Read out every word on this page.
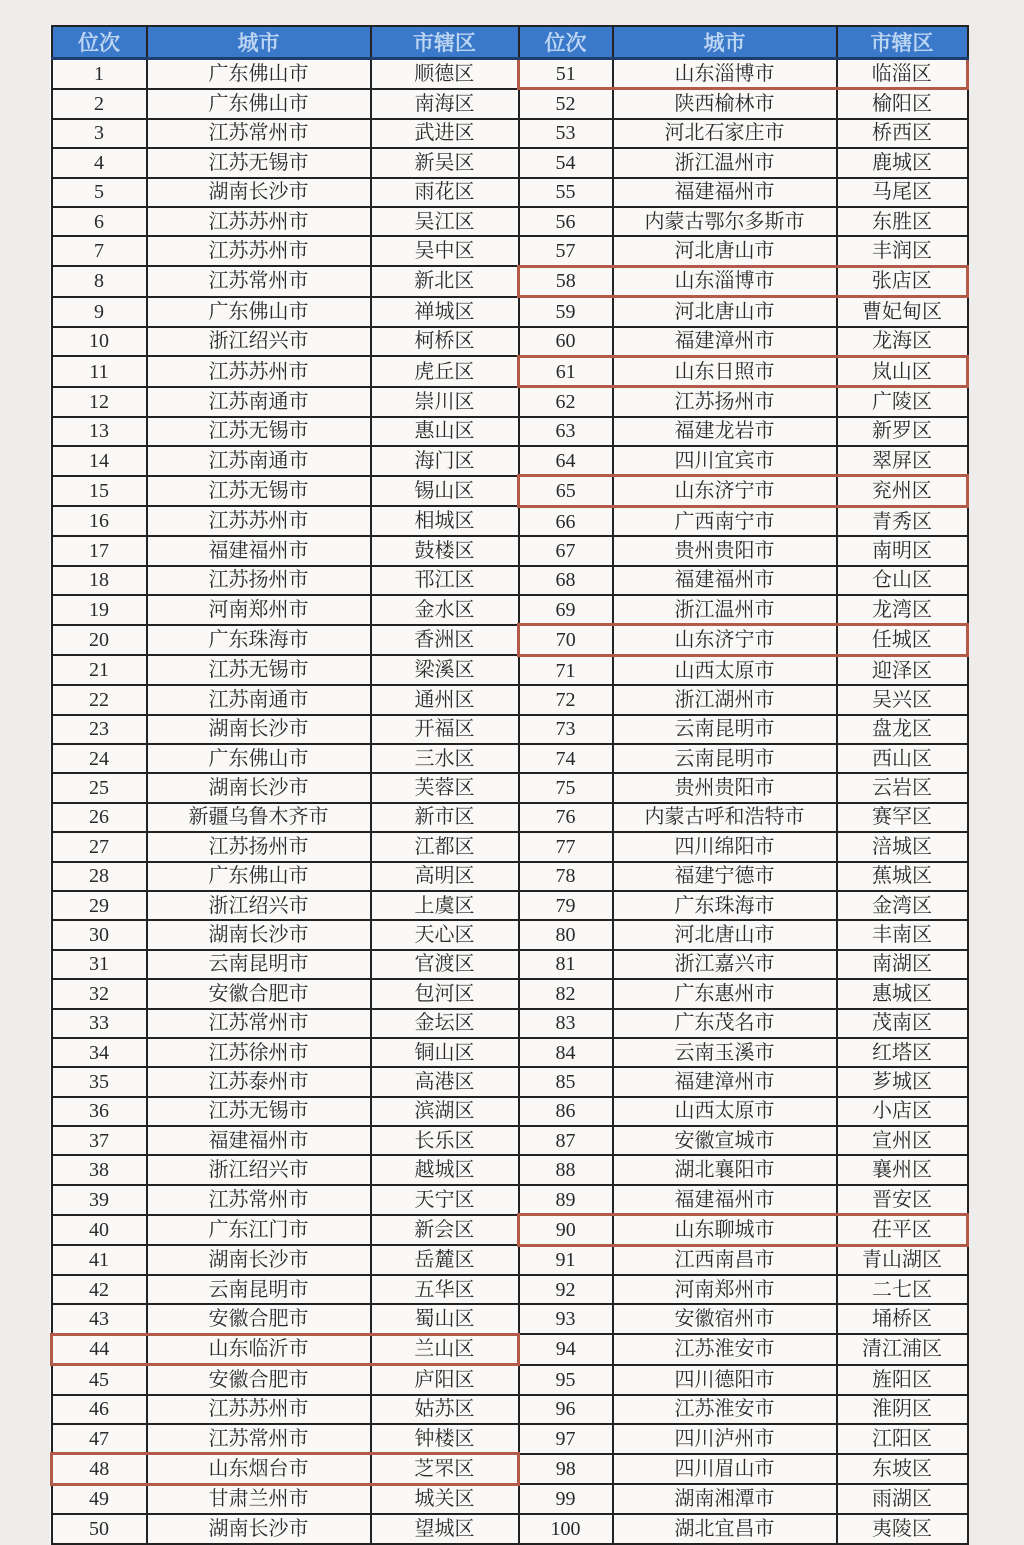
位次	城市	市辖区	位次	城市	市辖区
1	广东佛山市	顺德区	51	山东淄博市	临淄区
2	广东佛山市	南海区	52	陕西榆林市	榆阳区
3	江苏常州市	武进区	53	河北石家庄市	桥西区
4	江苏无锡市	新吴区	54	浙江温州市	鹿城区
5	湖南长沙市	雨花区	55	福建福州市	马尾区
6	江苏苏州市	吴江区	56	内蒙古鄂尔多斯市	东胜区
7	江苏苏州市	吴中区	57	河北唐山市	丰润区
8	江苏常州市	新北区	58	山东淄博市	张店区
9	广东佛山市	禅城区	59	河北唐山市	曹妃甸区
10	浙江绍兴市	柯桥区	60	福建漳州市	龙海区
11	江苏苏州市	虎丘区	61	山东日照市	岚山区
12	江苏南通市	崇川区	62	江苏扬州市	广陵区
13	江苏无锡市	惠山区	63	福建龙岩市	新罗区
14	江苏南通市	海门区	64	四川宜宾市	翠屏区
15	江苏无锡市	锡山区	65	山东济宁市	兖州区
16	江苏苏州市	相城区	66	广西南宁市	青秀区
17	福建福州市	鼓楼区	67	贵州贵阳市	南明区
18	江苏扬州市	邗江区	68	福建福州市	仓山区
19	河南郑州市	金水区	69	浙江温州市	龙湾区
20	广东珠海市	香洲区	70	山东济宁市	任城区
21	江苏无锡市	梁溪区	71	山西太原市	迎泽区
22	江苏南通市	通州区	72	浙江湖州市	吴兴区
23	湖南长沙市	开福区	73	云南昆明市	盘龙区
24	广东佛山市	三水区	74	云南昆明市	西山区
25	湖南长沙市	芙蓉区	75	贵州贵阳市	云岩区
26	新疆乌鲁木齐市	新市区	76	内蒙古呼和浩特市	赛罕区
27	江苏扬州市	江都区	77	四川绵阳市	涪城区
28	广东佛山市	高明区	78	福建宁德市	蕉城区
29	浙江绍兴市	上虞区	79	广东珠海市	金湾区
30	湖南长沙市	天心区	80	河北唐山市	丰南区
31	云南昆明市	官渡区	81	浙江嘉兴市	南湖区
32	安徽合肥市	包河区	82	广东惠州市	惠城区
33	江苏常州市	金坛区	83	广东茂名市	茂南区
34	江苏徐州市	铜山区	84	云南玉溪市	红塔区
35	江苏泰州市	高港区	85	福建漳州市	芗城区
36	江苏无锡市	滨湖区	86	山西太原市	小店区
37	福建福州市	长乐区	87	安徽宣城市	宣州区
38	浙江绍兴市	越城区	88	湖北襄阳市	襄州区
39	江苏常州市	天宁区	89	福建福州市	晋安区
40	广东江门市	新会区	90	山东聊城市	茌平区
41	湖南长沙市	岳麓区	91	江西南昌市	青山湖区
42	云南昆明市	五华区	92	河南郑州市	二七区
43	安徽合肥市	蜀山区	93	安徽宿州市	埇桥区
44	山东临沂市	兰山区	94	江苏淮安市	清江浦区
45	安徽合肥市	庐阳区	95	四川德阳市	旌阳区
46	江苏苏州市	姑苏区	96	江苏淮安市	淮阴区
47	江苏常州市	钟楼区	97	四川泸州市	江阳区
48	山东烟台市	芝罘区	98	四川眉山市	东坡区
49	甘肃兰州市	城关区	99	湖南湘潭市	雨湖区
50	湖南长沙市	望城区	100	湖北宜昌市	夷陵区
